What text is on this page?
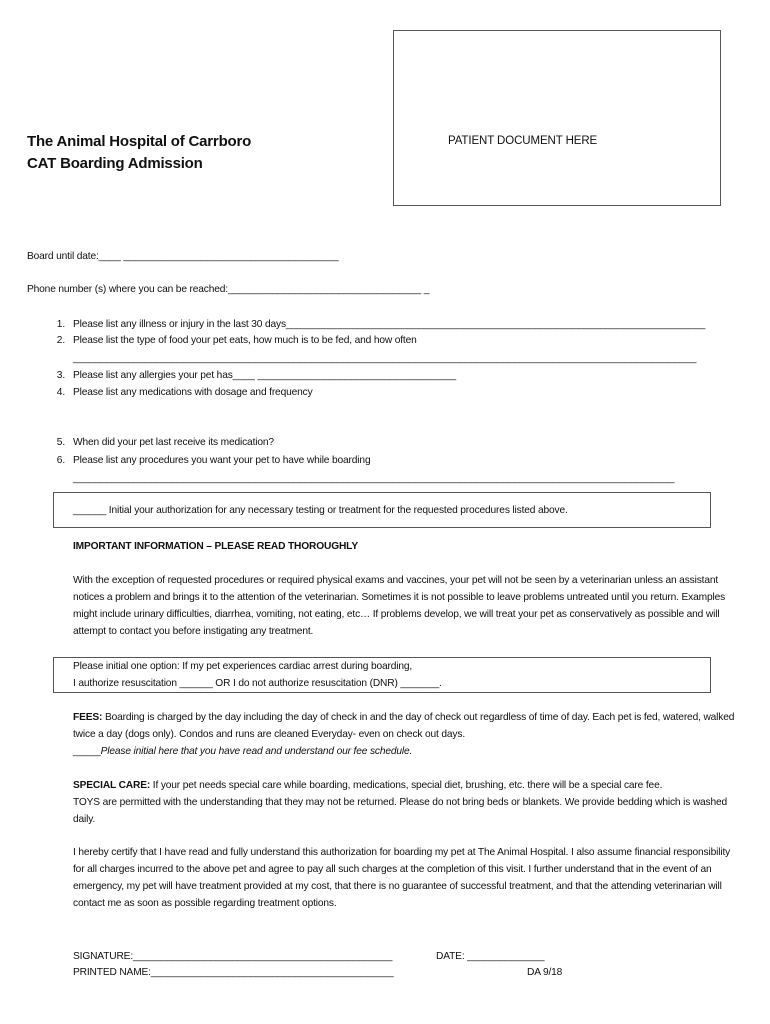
The Animal Hospital of Carrboro
CAT Boarding Admission
PATIENT DOCUMENT HERE
Board until date:____ _______________________________________
Phone number (s) where you can be reached:___________________________________ _
1. Please list any illness or injury in the last 30 days____________________________________________________________________________
2. Please list the type of food your pet eats, how much is to be fed, and how often
_________________________________________________________________________________________________________________
3. Please list any allergies your pet has____ ____________________________________
4. Please list any medications with dosage and frequency
5. When did your pet last receive its medication?
6. Please list any procedures you want your pet to have while boarding
_____________________________________________________________________________________________________________
______ Initial your authorization for any necessary testing or treatment for the requested procedures listed above.
IMPORTANT INFORMATION – PLEASE READ THOROUGHLY
With the exception of requested procedures or required physical exams and vaccines, your pet will not be seen by a veterinarian unless an assistant notices a problem and brings it to the attention of the veterinarian. Sometimes it is not possible to leave problems untreated until you return. Examples might include urinary difficulties, diarrhea, vomiting, not eating, etc… If problems develop, we will treat your pet as conservatively as possible and will attempt to contact you before instigating any treatment.
Please initial one option: If my pet experiences cardiac arrest during boarding,
I authorize resuscitation ______ OR I do not authorize resuscitation (DNR) _______.
FEES: Boarding is charged by the day including the day of check in and the day of check out regardless of time of day. Each pet is fed, watered, walked twice a day (dogs only). Condos and runs are cleaned Everyday- even on check out days.
_____Please initial here that you have read and understand our fee schedule.
SPECIAL CARE: If your pet needs special care while boarding, medications, special diet, brushing, etc. there will be a special care fee.
TOYS are permitted with the understanding that they may not be returned. Please do not bring beds or blankets. We provide bedding which is washed daily.
I hereby certify that I have read and fully understand this authorization for boarding my pet at The Animal Hospital. I also assume financial responsibility for all charges incurred to the above pet and agree to pay all such charges at the completion of this visit. I further understand that in the event of an emergency, my pet will have treatment provided at my cost, that there is no guarantee of successful treatment, and that the attending veterinarian will contact me as soon as possible regarding treatment options.
SIGNATURE:_______________________________________________
PRINTED NAME:____________________________________________
DATE: ______________
DA 9/18
